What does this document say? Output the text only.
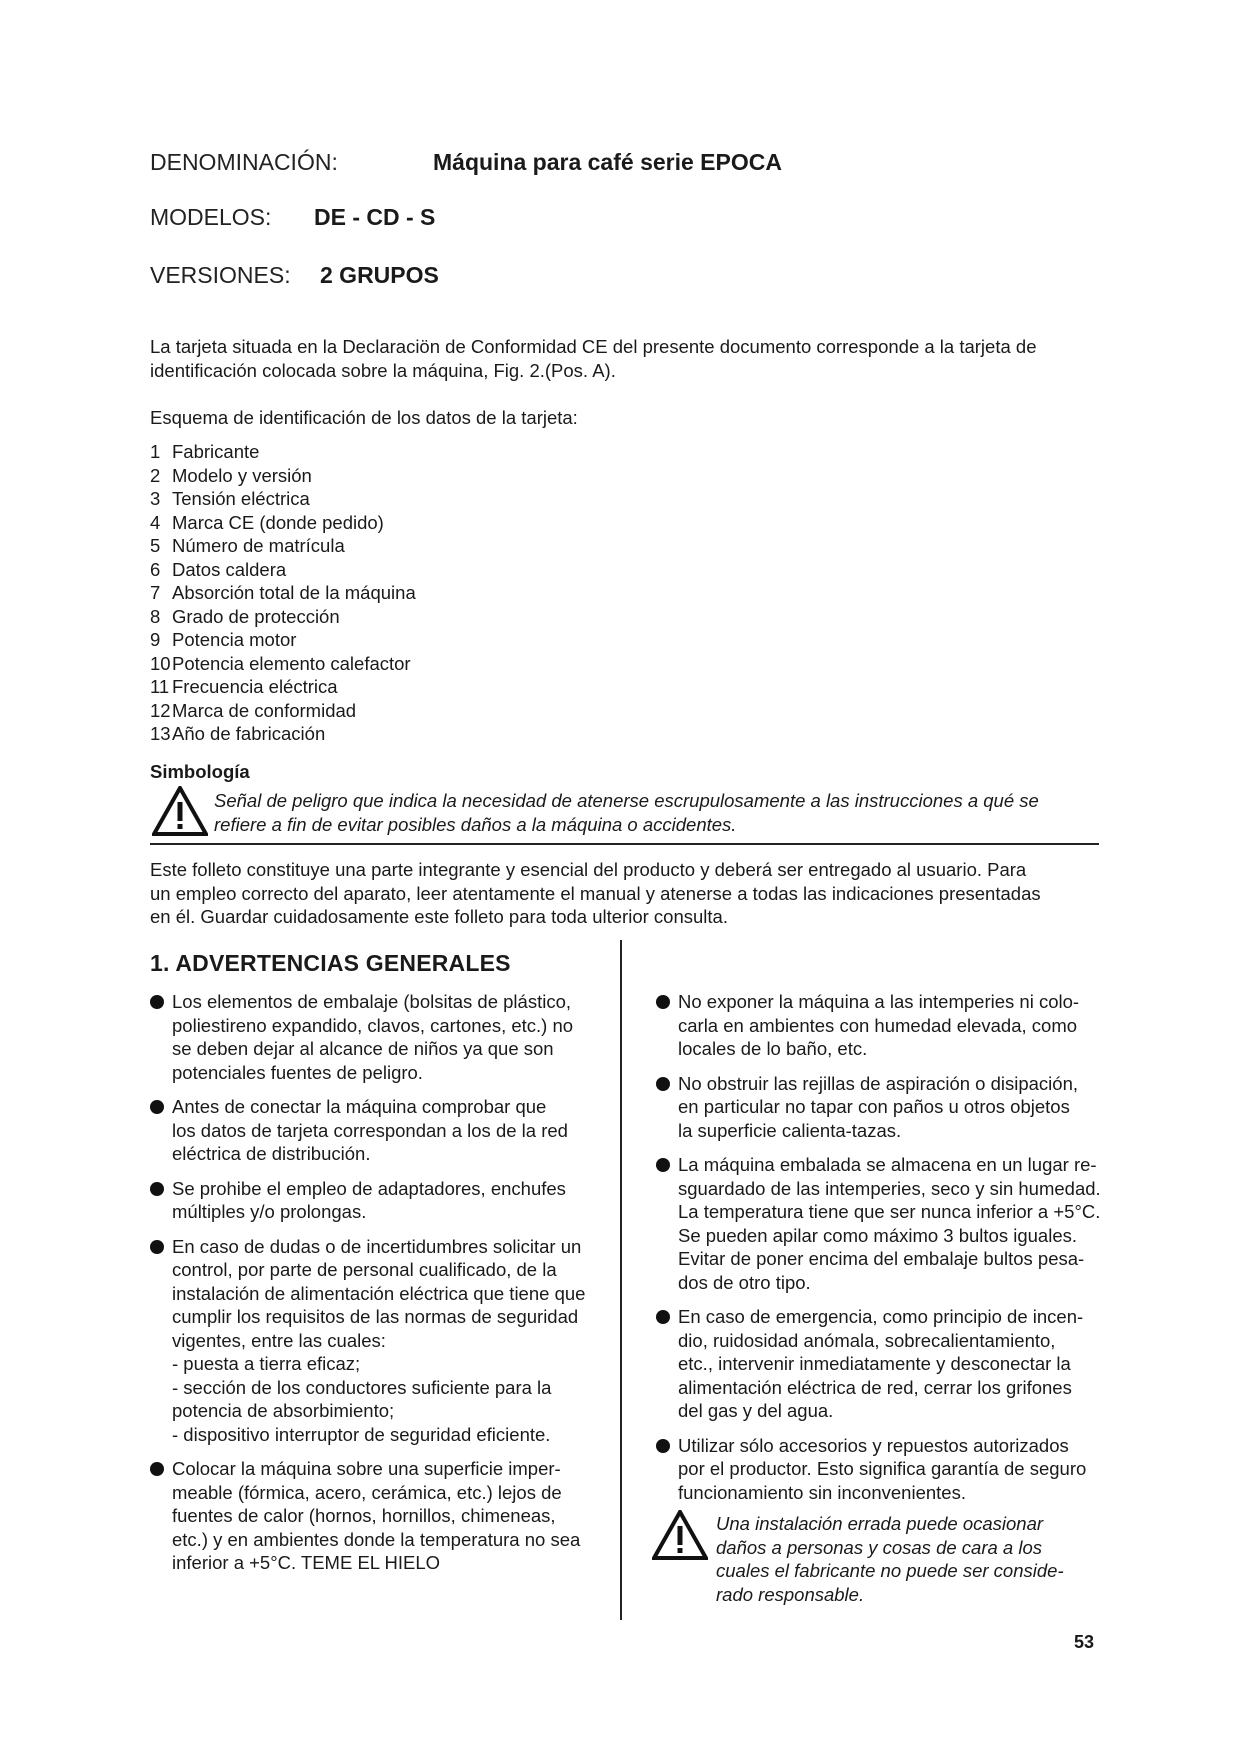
DENOMINACIÓN:	Máquina para café serie EPOCA
MODELOS: DE - CD - S
VERSIONES: 2 GRUPOS
La tarjeta situada en la Declaraciön de Conformidad CE del presente documento corresponde a la tarjeta de
identificación colocada sobre la máquina, Fig. 2.(Pos. A).
Esquema de identificación de los datos de la tarjeta:
1 Fabricante
2 Modelo y versión
3 Tensión eléctrica
4 Marca CE (donde pedido)
5 Número de matrícula
6 Datos caldera
7 Absorción total de la máquina
8 Grado de protección
9 Potencia motor
10Potencia elemento calefactor
11 Frecuencia eléctrica
12Marca de conformidad
13Año de fabricación
Simbología
Señal de peligro que indica la necesidad de atenerse escrupulosamente a las instrucciones a qué se
refiere a fin de evitar posibles daños a la máquina o accidentes.
Este folleto constituye una parte integrante y esencial del producto y deberá ser entregado al usuario. Para
un empleo correcto del aparato, leer atentamente el manual y atenerse a todas las indicaciones presentadas
en él. Guardar cuidadosamente este folleto para toda ulterior consulta.
1. ADVERTENCIAS GENERALES
Los elementos de embalaje (bolsitas de plástico,
poliestireno expandido, clavos, cartones, etc.) no
se deben dejar al alcance de niños ya que son
potenciales fuentes de peligro.
Antes de conectar la máquina comprobar que
los datos de tarjeta correspondan a los de la red
eléctrica de distribución.
Se prohibe el empleo de adaptadores, enchufes
múltiples y/o prolongas.
En caso de dudas o de incertidumbres solicitar un
control, por parte de personal cualificado, de la
instalación de alimentación eléctrica que tiene que
cumplir los requisitos de las normas de seguridad
vigentes, entre las cuales:
- puesta a tierra eficaz;
- sección de los conductores suficiente para la
potencia de absorbimiento;
- dispositivo interruptor de seguridad eficiente.
Colocar la máquina sobre una superficie imper-
meable (fórmica, acero, cerámica, etc.) lejos de
fuentes de calor (hornos, hornillos, chimeneas,
etc.) y en ambientes donde la temperatura no sea
inferior a +5°C. TEME EL HIELO
No exponer la máquina a las intemperies ni colo-
carla en ambientes con humedad elevada, como
locales de lo baño, etc.
No obstruir las rejillas de aspiración o disipación,
en particular no tapar con paños u otros objetos
la superficie calienta-tazas.
La máquina embalada se almacena en un lugar re-
sguardado de las intemperies, seco y sin humedad.
La temperatura tiene que ser nunca inferior a +5°C.
Se pueden apilar como máximo 3 bultos iguales.
Evitar de poner encima del embalaje bultos pesa-
dos de otro tipo.
En caso de emergencia, como principio de incen-
dio, ruidosidad anómala, sobrecalientamiento,
etc., intervenir inmediatamente y desconectar la
alimentación eléctrica de red, cerrar los grifones
del gas y del agua.
Utilizar sólo accesorios y repuestos autorizados
por el productor. Esto significa garantía de seguro
funcionamiento sin inconvenientes.
Una instalación errada puede ocasionar
daños a personas y cosas de cara a los
cuales el fabricante no puede ser conside-
rado responsable.
53
